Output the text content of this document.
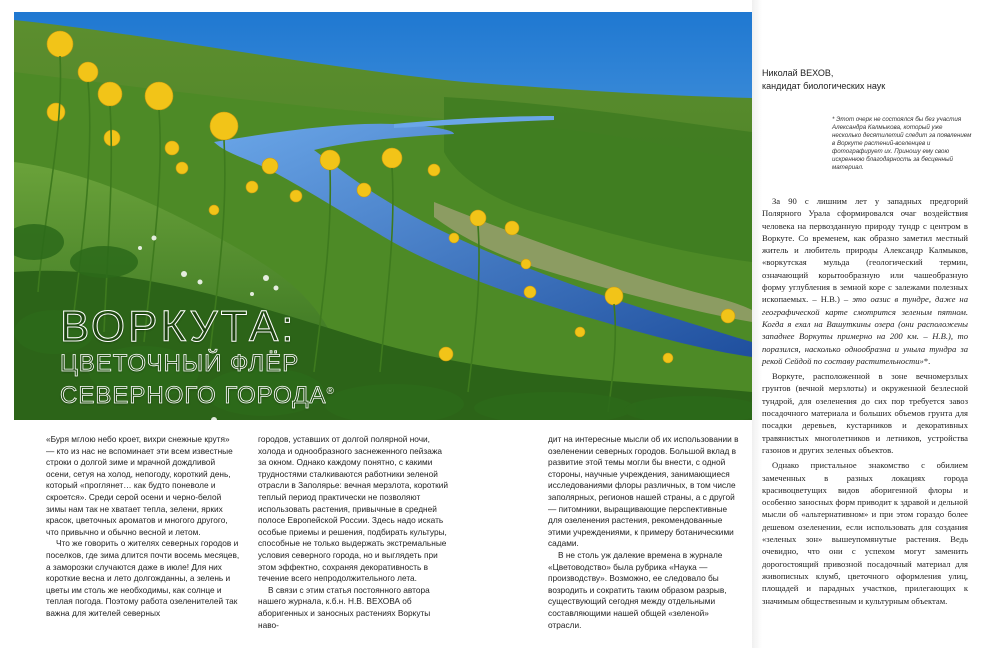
ВОРКУТА:
ЦВЕТОЧНЫЙ ФЛЁР
СЕВЕРНОГО ГОРОДА®
Николай ВЕХОВ,
кандидат биологических наук
* Этот очерк не состоялся бы без участия Александра Калмыкова, который уже несколько десятилетий следит за появлением в Воркуте растений-вселенцев и фотографирует их. Приношу ему свою искреннюю благодарность за бесценный материал.

За 90 с лишним лет у западных предгорий Полярного Урала сформировался очаг воздействия человека на первозданную природу тундр с центром в Воркуте. Со временем, как образно заметил местный житель и любитель природы Александр Калмыков, «воркутская мульда (геологический термин, означающий корытообразную или чашеобразную форму углубления в земной коре с залежами полезных ископаемых. – Н.В.) – это оазис в тундре, даже на географической карте смотрится зеленым пятном. Когда я ехал на Вашуткины озера (они расположены западнее Воркуты примерно на 200 км. – Н.В.), то поразился, насколько однообразна и уныла тундра за рекой Сейдой по составу растительности»*.

Воркуте, расположенной в зоне вечномерзлых грунтов (вечной мерзлоты) и окруженной безлесной тундрой, для озеленения до сих пор требуется завоз посадочного материала и больших объемов грунта для посадки деревьев, кустарников и декоративных травянистых многолетников и летников, устройства газонов и других зеленых объектов.

Однако пристальное знакомство с обилием замеченных в разных локациях города красивоцветущих видов аборигенной флоры и особенно заносных форм приводит к здравой и дельной мысли об «альтернативном» и при этом гораздо более дешевом озеленении, если использовать для создания «зеленых зон» вышеупомянутые растения. Ведь очевидно, что они с успехом могут заменить дорогостоящий привозной посадочный материал для живописных клумб, цветочного оформления улиц, площадей и парадных участков, прилегающих к значимым общественным и культурным объектам.

«Буря мглою небо кроет, вихри снежные крутя» — кто из нас не вспоминает эти всем известные строки о долгой зиме и мрачной дождливой осени, сетуя на холод, непогоду, короткий день, который «проглянет… как будто поневоле и скроется». Среди серой осени и черно-белой зимы нам так не хватает тепла, зелени, ярких красок, цветочных ароматов и многого другого, что привычно и обычно весной и летом.

Что же говорить о жителях северных городов и поселков, где зима длится почти восемь месяцев, а заморозки случаются даже в июле! Для них короткие весна и лето долгожданны, а зелень и цветы им столь же необходимы, как солнце и теплая погода. Поэтому работа озеленителей так важна для жителей северных

городов, уставших от долгой полярной ночи, холода и однообразного заснеженного пейзажа за окном. Однако каждому понятно, с какими трудностями сталкиваются работники зеленой отрасли в Заполярье: вечная мерзлота, короткий теплый период практически не позволяют использовать растения, привычные в средней полосе Европейской России. Здесь надо искать особые приемы и решения, подбирать культуры, способные не только выдержать экстремальные условия северного города, но и выглядеть при этом эффектно, сохраняя декоративность в течение всего непродолжительного лета.

В связи с этим статья постоянного автора нашего журнала, к.б.н. Н.В. ВЕХОВА об аборигенных и заносных растениях Воркуты наво-

дит на интересные мысли об их использовании в озеленении северных городов. Большой вклад в развитие этой темы могли бы внести, с одной стороны, научные учреждения, занимающиеся исследованиями флоры различных, в том числе заполярных, регионов нашей страны, а с другой — питомники, выращивающие перспективные для озеленения растения, рекомендованные этими учреждениями, к примеру ботаническими садами.

В не столь уж далекие времена в журнале «Цветоводство» была рубрика «Наука — производству». Возможно, ее следовало бы возродить и сократить таким образом разрыв, существующий сегодня между отдельными составляющими нашей общей «зеленой» отрасли.
